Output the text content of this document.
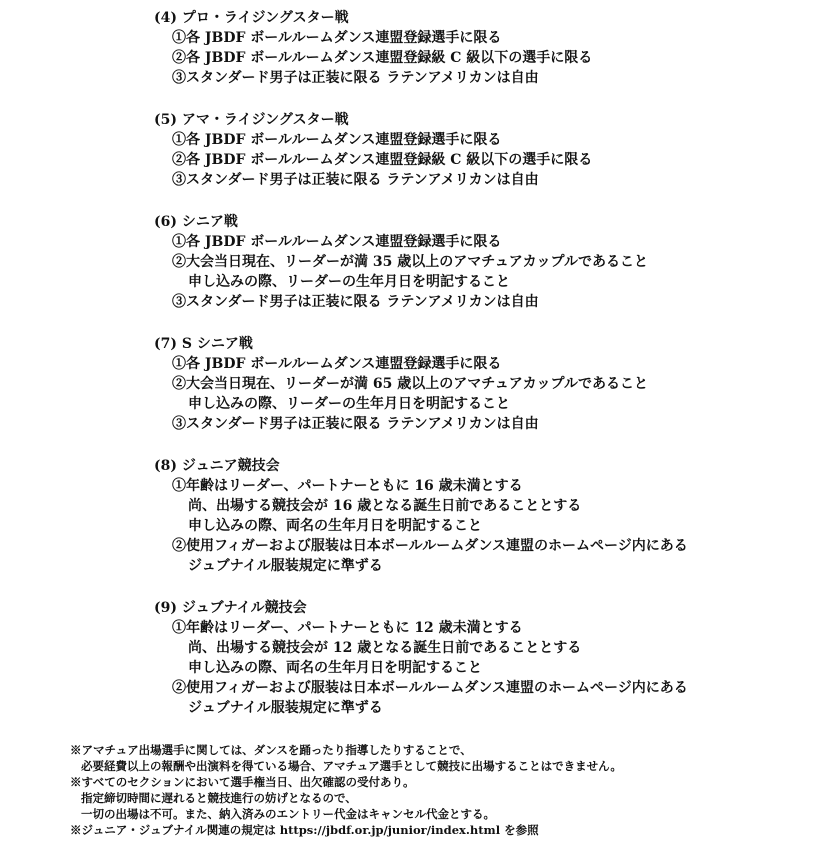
(4) プロ・ライジングスター戦
①各 JBDF ボールルームダンス連盟登録選手に限る
②各 JBDF ボールルームダンス連盟登録級 C 級以下の選手に限る
③スタンダード男子は正装に限る ラテンアメリカンは自由
(5) アマ・ライジングスター戦
①各 JBDF ボールルームダンス連盟登録選手に限る
②各 JBDF ボールルームダンス連盟登録級 C 級以下の選手に限る
③スタンダード男子は正装に限る ラテンアメリカンは自由
(6) シニア戦
①各 JBDF ボールルームダンス連盟登録選手に限る
②大会当日現在、リーダーが満 35 歳以上のアマチュアカップルであること
申し込みの際、リーダーの生年月日を明記すること
③スタンダード男子は正装に限る ラテンアメリカンは自由
(7) S シニア戦
①各 JBDF ボールルームダンス連盟登録選手に限る
②大会当日現在、リーダーが満 65 歳以上のアマチュアカップルであること
申し込みの際、リーダーの生年月日を明記すること
③スタンダード男子は正装に限る ラテンアメリカンは自由
(8) ジュニア競技会
①年齢はリーダー、パートナーともに 16 歳未満とする
尚、出場する競技会が 16 歳となる誕生日前であることとする
申し込みの際、両名の生年月日を明記すること
②使用フィガーおよび服装は日本ボールルームダンス連盟のホームページ内にある
ジュブナイル服装規定に準ずる
(9) ジュブナイル競技会
①年齢はリーダー、パートナーともに 12 歳未満とする
尚、出場する競技会が 12 歳となる誕生日前であることとする
申し込みの際、両名の生年月日を明記すること
②使用フィガーおよび服装は日本ボールルームダンス連盟のホームページ内にある
ジュブナイル服装規定に準ずる
※アマチュア出場選手に関しては、ダンスを踊ったり指導したりすることで、
必要経費以上の報酬や出演料を得ている場合、アマチュア選手として競技に出場することはできません。
※すべてのセクションにおいて選手権当日、出欠確認の受付あり。
指定締切時間に遅れると競技進行の妨げとなるので、
一切の出場は不可。また、納入済みのエントリー代金はキャンセル代金とする。
※ジュニア・ジュブナイル関連の規定は https://jbdf.or.jp/junior/index.html を参照
